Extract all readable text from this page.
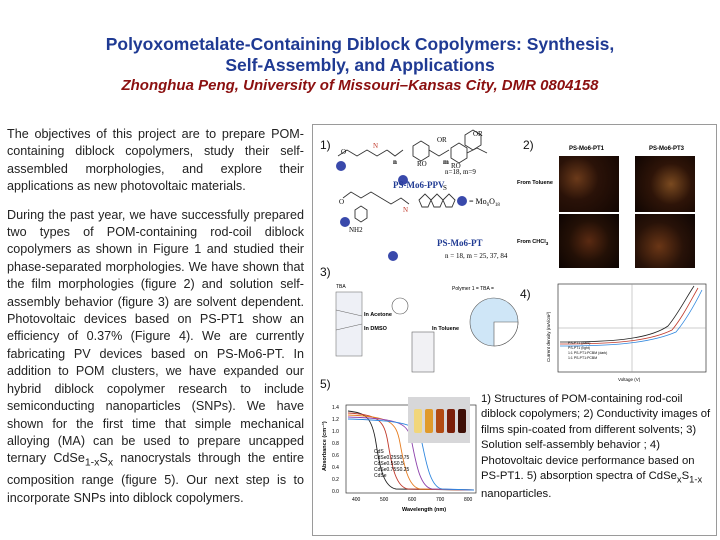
Polyoxometalate-Containing Diblock Copolymers: Synthesis,
Self-Assembly, and Applications
Zhonghua Peng, University of Missouri–Kansas City, DMR 0804158

The objectives of this project are to prepare POM-containing diblock copolymers, study their self-assembled morphologies, and explore their applications as new photovoltaic materials.

During the past year, we have successfully prepared two types of POM-containing rod-coil diblock copolymers as shown in Figure 1 and studied their phase-separated morphologies. We have shown that the film morphologies (figure 2) and solution self-assembly behavior (figure 3) are solvent dependent. Photovoltaic devices based on PS-PT1 show an efficiency of 0.37% (Figure 4). We are currently fabricating PV devices based on PS-Mo6-PT. In addition to POM clusters, we have expanded our hybrid diblock copolymer research to include semiconducting nanoparticles (SNPs). We have shown for the first time that simple mechanical alloying (MA) can be used to prepare uncapped ternary $CdSe_{1-x}S_x$ nanocrystals through the entire composition range (figure 5). Our next step is to incorporate SNPs into diblock copolymers.

1)	2)
3)
4)
5)
OR
OR
RO	RO
O
N
N
NH2
S
O
n	m
PS-Mo6-PPV
n=18, m=9
= $Mo_6O_{18}$
PS-Mo6-PT
n = 18, m = 25, 37, 84
PS-Mo6-PT1	PS-Mo6-PT3
From Toluene
From CHCl$_3$
TBA
In Acetone
In DMSO	In Toluene
Polymer 1 = TBA =
PS-PT1 (dark)
PS-PT1 (light)
1:1 PS-PT1:PCBM (dark)
1:1 PS-PT1:PCBM
Voltage (V)
Current density (mA/cm²)
1.4
1.2
1.0
0.8
0.6
0.4
0.2
0.0
400	500	600	700	800
CdS
CdSe0.25S0.75
CdSe0.5S0.5
CdSe0.75S0.25
CdSe
Wavelength (nm)
Absorbance (cm⁻¹)
1) Structures of POM-containing rod-coil diblock copolymers; 2) Conductivity images of films spin-coated from different solvents; 3) Solution self-assembly behavior ; 4) Photovoltaic device performance based on PS-PT1. 5) absorption spectra of $CdSe_xS_{1-x}$ nanoparticles.
